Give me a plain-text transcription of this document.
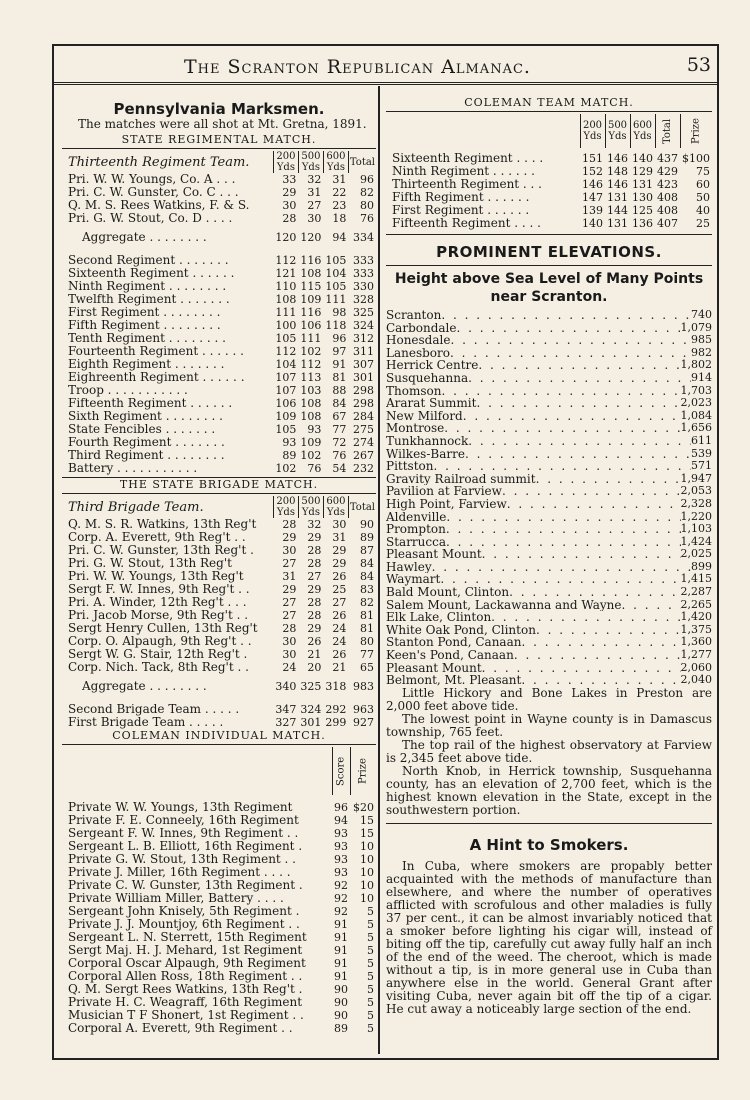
The Scranton Republican Almanac.	53
Pennsylvania Marksmen.
The matches were all shot at Mt. Gretna, 1891.
STATE REGIMENTAL MATCH.
Thirteenth Regiment Team.	200 Yds	500 Yds	600 Yds	Total
Pri. W. W. Youngs, Co. A . . .	33	32	31	96
Pri. C. W. Gunster, Co. C . . .	29	31	22	82
Q. M. S. Rees Watkins, F. & S.	30	27	23	80
Pri. G. W. Stout, Co. D . . . .	28	30	18	76
Aggregate . . . . . . . .	120	120	94	334
Second Regiment . . . . . . .	112	116	105	333
Sixteenth Regiment . . . . . .	121	108	104	333
Ninth Regiment . . . . . . . .	110	115	105	330
Twelfth Regiment . . . . . . .	108	109	111	328
First Regiment . . . . . . . .	111	116	98	325
Fifth Regiment . . . . . . . .	100	106	118	324
Tenth Regiment . . . . . . . .	105	111	96	312
Fourteenth Regiment . . . . . .	112	102	97	311
Eighth Regiment . . . . . . .	104	112	91	307
Eighreenth Regiment . . . . . .	107	113	81	301
Troop . . . . . . . . . . .	107	103	88	298
Fifteenth Regiment . . . . . .	106	108	84	298
Sixth Regiment . . . . . . . .	109	108	67	284
State Fencibles . . . . . . .	105	93	77	275
Fourth Regiment . . . . . . .	93	109	72	274
Third Regiment . . . . . . . .	89	102	76	267
Battery . . . . . . . . . . .	102	76	54	232
THE STATE BRIGADE MATCH.
Third Brigade Team.	200 Yds	500 Yds	600 Yds	Total
Q. M. S. R. Watkins, 13th Reg't	28	32	30	90
Corp. A. Everett, 9th Reg't . .	29	29	31	89
Pri. C. W. Gunster, 13th Reg't .	30	28	29	87
Pri. G. W. Stout, 13th Reg't	27	28	29	84
Pri. W. W. Youngs, 13th Reg't	31	27	26	84
Sergt F. W. Innes, 9th Reg't . .	29	29	25	83
Pri. A. Winder, 12th Reg't . . .	27	28	27	82
Pri. Jacob Morse, 9th Reg't . .	27	28	26	81
Sergt Henry Cullen, 13th Reg't	28	29	24	81
Corp. O. Alpaugh, 9th Reg't . .	30	26	24	80
Sergt W. G. Stair, 12th Reg't .	30	21	26	77
Corp. Nich. Tack, 8th Reg't . .	24	20	21	65
Aggregate . . . . . . . .	340	325	318	983
Second Brigade Team . . . . .	347	324	292	963
First Brigade Team . . . . .	327	301	299	927
COLEMAN INDIVIDUAL MATCH.
	Score	Prize
Private W. W. Youngs, 13th Regiment	96	$20
Private F. E. Conneely, 16th Regiment	94	15
Sergeant F. W. Innes, 9th Regiment . .	93	15
Sergeant L. B. Elliott, 16th Regiment .	93	10
Private G. W. Stout, 13th Regiment . .	93	10
Private J. Miller, 16th Regiment . . . .	93	10
Private C. W. Gunster, 13th Regiment .	92	10
Private William Miller, Battery . . . .	92	10
Sergeant John Knisely, 5th Regiment .	92	5
Private J. J. Mountjoy, 6th Regiment . .	91	5
Sergeant L. N. Sterrett, 15th Regiment	91	5
Sergt Maj. H. J. Mehard, 1st Regiment	91	5
Corporal Oscar Alpaugh, 9th Regiment	91	5
Corporal Allen Ross, 18th Regiment . .	91	5
Q. M. Sergt Rees Watkins, 13th Reg't .	90	5
Private H. C. Weagraff, 16th Regiment	90	5
Musician T F Shonert, 1st Regiment . .	90	5
Corporal A. Everett, 9th Regiment . .	89	5
COLEMAN TEAM MATCH.
	200 Yds	500 Yds	600 Yds	Total	Prize
Sixteenth Regiment . . . .	151	146	140	437	$100
Ninth Regiment . . . . . .	152	148	129	429	75
Thirteenth Regiment . . .	146	146	131	423	60
Fifth Regiment . . . . . .	147	131	130	408	50
First Regiment . . . . . .	139	144	125	408	40
Fifteenth Regiment . . . .	140	131	136	407	25
PROMINENT ELEVATIONS.
Height above Sea Level of Many Points near Scranton.
Scranton . . .	740
Carbondale . . .	1,079
Honesdale . . .	985
Lanesboro . . .	982
Herrick Centre . . .	1,802
Susquehanna . . .	914
Thomson . . .	1,703
Ararat Summit . . .	2,023
New Milford . . .	1,084
Montrose . . .	1,656
Tunkhannock . . .	611
Wilkes-Barre . . .	539
Pittston . . .	571
Gravity Railroad summit . . .	1,947
Pavilion at Farview . . .	2,053
High Point, Farview . . .	2,328
Aldenville . . .	1,220
Prompton . . .	1,103
Starrucca . . .	1,424
Pleasant Mount . . .	2,025
Hawley . . .	899
Waymart . . .	1,415
Bald Mount, Clinton . . .	2,287
Salem Mount, Lackawanna and Wayne . . .	2,265
Elk Lake, Clinton . . .	1,420
White Oak Pond, Clinton . . .	1,375
Stanton Pond, Canaan . . .	1,360
Keen's Pond, Canaan . . .	1,277
Pleasant Mount . . .	2,060
Belmont, Mt. Pleasant . . .	2,040

Little Hickory and Bone Lakes in Preston are 2,000 feet above tide.

The lowest point in Wayne county is in Damascus township, 765 feet.

The top rail of the highest observatory at Farview is 2,345 feet above tide.

North Knob, in Herrick township, Susquehanna county, has an elevation of 2,700 feet, which is the highest known elevation in the State, except in the southwestern portion.

A Hint to Smokers.

In Cuba, where smokers are propably better acquainted with the methods of manufacture than elsewhere, and where the number of operatives afflicted with scrofulous and other maladies is fully 37 per cent., it can be almost invariably noticed that a smoker before lighting his cigar will, instead of biting off the tip, carefully cut away fully half an inch of the end of the weed. The cheroot, which is made without a tip, is in more general use in Cuba than anywhere else in the world. General Grant after visiting Cuba, never again bit off the tip of a cigar. He cut away a noticeably large section of the end.
